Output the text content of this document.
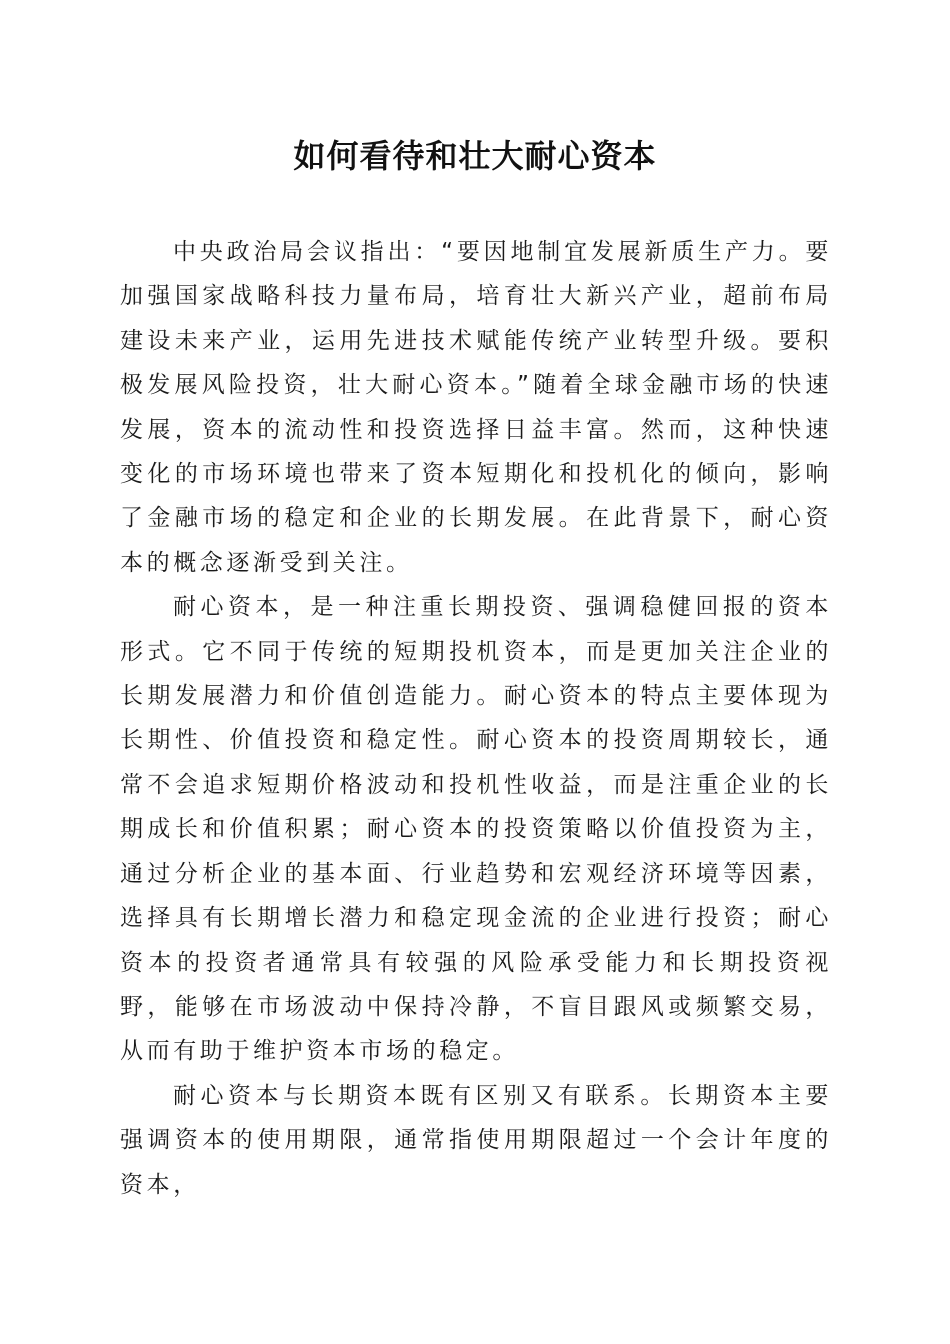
如何看待和壮大耐心资本

中央政治局会议指出：“要因地制宜发展新质生产力。要加强国家战略科技力量布局，培育壮大新兴产业，超前布局建设未来产业，运用先进技术赋能传统产业转型升级。要积极发展风险投资，壮大耐心资本。”随着全球金融市场的快速发展，资本的流动性和投资选择日益丰富。然而，这种快速变化的市场环境也带来了资本短期化和投机化的倾向，影响了金融市场的稳定和企业的长期发展。在此背景下，耐心资本的概念逐渐受到关注。

耐心资本，是一种注重长期投资、强调稳健回报的资本形式。它不同于传统的短期投机资本，而是更加关注企业的长期发展潜力和价值创造能力。耐心资本的特点主要体现为长期性、价值投资和稳定性。耐心资本的投资周期较长，通常不会追求短期价格波动和投机性收益，而是注重企业的长期成长和价值积累；耐心资本的投资策略以价值投资为主，通过分析企业的基本面、行业趋势和宏观经济环境等因素，选择具有长期增长潜力和稳定现金流的企业进行投资；耐心资本的投资者通常具有较强的风险承受能力和长期投资视野，能够在市场波动中保持冷静，不盲目跟风或频繁交易，从而有助于维护资本市场的稳定。

耐心资本与长期资本既有区别又有联系。长期资本主要强调资本的使用期限，通常指使用期限超过一个会计年度的资本，
